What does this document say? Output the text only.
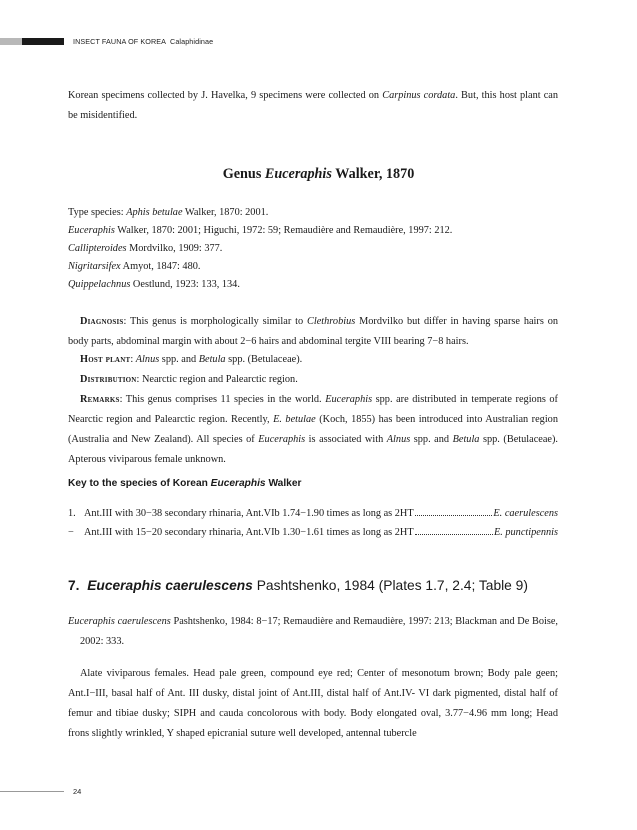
INSECT FAUNA OF KOREA Calaphidinae
Korean specimens collected by J. Havelka, 9 specimens were collected on Carpinus cordata. But, this host plant can be misidentified.
Genus Euceraphis Walker, 1870
Type species: Aphis betulae Walker, 1870: 2001.
Euceraphis Walker, 1870: 2001; Higuchi, 1972: 59; Remaudière and Remaudière, 1997: 212.
Callipteroides Mordvilko, 1909: 377.
Nigritarsifex Amyot, 1847: 480.
Quippelachnus Oestlund, 1923: 133, 134.

Diagnosis: This genus is morphologically similar to Clethrobius Mordvilko but differ in having sparse hairs on body parts, abdominal margin with about 2−6 hairs and abdominal tergite VIII bearing 7−8 hairs.

Host plant: Alnus spp. and Betula spp. (Betulaceae).

Distribution: Nearctic region and Palearctic region.

Remarks: This genus comprises 11 species in the world. Euceraphis spp. are distributed in temperate regions of Nearctic region and Palearctic region. Recently, E. betulae (Koch, 1855) has been introduced into Australian region (Australia and New Zealand). All species of Euceraphis is associated with Alnus spp. and Betula spp. (Betulaceae). Apterous viviparous female unknown.

Key to the species of Korean Euceraphis Walker
1. Ant.III with 30−38 secondary rhinaria, Ant.VIb 1.74−1.90 times as long as 2HT	E. caerulescens
− Ant.III with 15−20 secondary rhinaria, Ant.VIb 1.30−1.61 times as long as 2HT	E. punctipennis
7. Euceraphis caerulescens Pashtshenko, 1984 (Plates 1.7, 2.4; Table 9)
Euceraphis caerulescens Pashtshenko, 1984: 8−17; Remaudière and Remaudière, 1997: 213; Blackman and De Boise, 2002: 333.

Alate viviparous females. Head pale green, compound eye red; Center of mesonotum brown; Body pale geen; Ant.I−III, basal half of Ant. III dusky, distal joint of Ant.III, distal half of Ant.IV- VI dark pigmented, distal half of femur and tibiae dusky; SIPH and cauda concolorous with body. Body elongated oval, 3.77−4.96 mm long; Head frons slightly wrinkled, Y shaped epicranial suture well developed, antennal tubercle

24
